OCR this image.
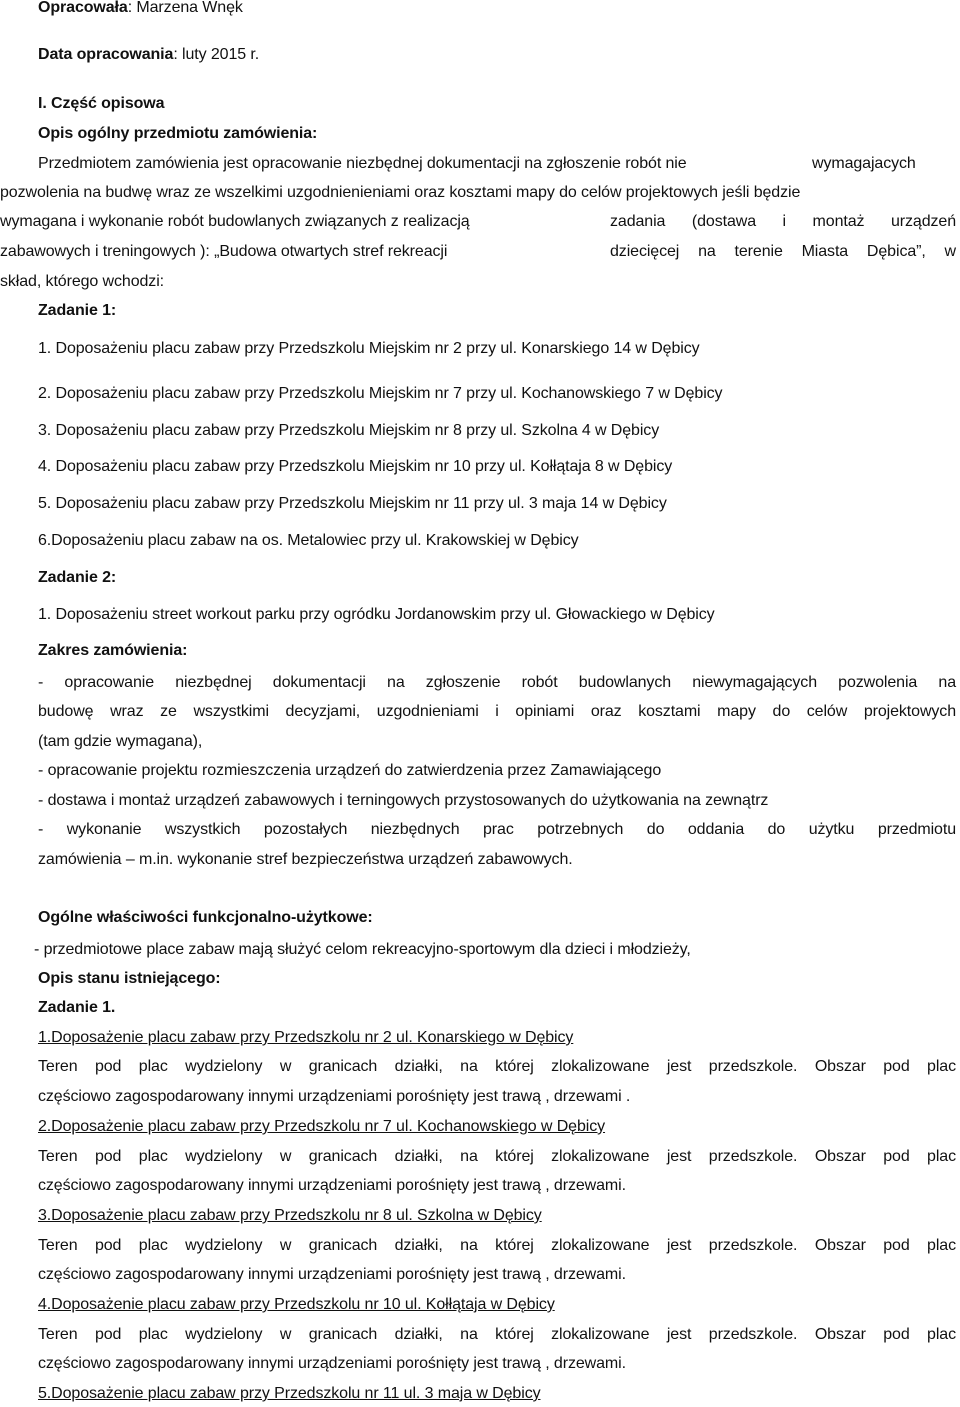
Opracowała: Marzena Wnęk
Data opracowania: luty 2015 r.
I. Część opisowa
Opis ogólny przedmiotu zamówienia:
Przedmiotem zamówienia jest opracowanie niezbędnej dokumentacji na zgłoszenie robót nie	wymagajacych
pozwolenia na budwę wraz ze wszelkimi uzgodnienieniami oraz kosztami mapy do celów projektowych jeśli będzie
wymagana i wykonanie robót budowlanych związanych z realizacją	zadania (dostawa i montaż urządzeń
zabawowych i treningowych ): „Budowa otwartych stref rekreacji	dziecięcej na terenie Miasta Dębica”, w
skład, którego wchodzi:
Zadanie 1:
1. Doposażeniu placu zabaw przy Przedszkolu Miejskim nr 2 przy ul. Konarskiego 14 w Dębicy
2. Doposażeniu placu zabaw przy Przedszkolu Miejskim nr 7 przy ul. Kochanowskiego 7 w Dębicy
3. Doposażeniu placu zabaw przy Przedszkolu Miejskim nr 8 przy ul. Szkolna 4 w Dębicy
4. Doposażeniu placu zabaw przy Przedszkolu Miejskim nr 10 przy ul. Kołłątaja 8 w Dębicy
5. Doposażeniu placu zabaw przy Przedszkolu Miejskim nr 11 przy ul. 3 maja 14 w Dębicy
6.Doposażeniu placu zabaw na os. Metalowiec przy ul. Krakowskiej w Dębicy
Zadanie 2:
1. Doposażeniu street workout parku przy ogródku Jordanowskim przy ul. Głowackiego w Dębicy
Zakres zamówienia:
- opracowanie niezbędnej dokumentacji na zgłoszenie robót budowlanych niewymagających pozwolenia na
budowę wraz ze wszystkimi decyzjami, uzgodnieniami i opiniami oraz kosztami mapy do celów projektowych
(tam gdzie wymagana),
- opracowanie projektu rozmieszczenia urządzeń do zatwierdzenia przez Zamawiającego
- dostawa i montaż urządzeń zabawowych i terningowych przystosowanych do użytkowania na zewnątrz
- wykonanie wszystkich pozostałych niezbędnych prac potrzebnych do oddania do użytku przedmiotu
zamówienia – m.in. wykonanie stref bezpieczeństwa urządzeń zabawowych.
Ogólne właściwości funkcjonalno-użytkowe:
- przedmiotowe place zabaw mają służyć celom rekreacyjno-sportowym dla dzieci i młodzieży,
Opis stanu istniejącego:
Zadanie 1.
1.Doposażenie placu zabaw przy Przedszkolu nr 2 ul. Konarskiego w Dębicy
Teren pod plac wydzielony w granicach działki, na której zlokalizowane jest przedszkole. Obszar pod plac
częściowo zagospodarowany innymi urządzeniami porośnięty jest trawą , drzewami .
2.Doposażenie placu zabaw przy Przedszkolu nr 7 ul. Kochanowskiego w Dębicy
Teren pod plac wydzielony w granicach działki, na której zlokalizowane jest przedszkole. Obszar pod plac
częściowo zagospodarowany innymi urządzeniami porośnięty jest trawą , drzewami.
3.Doposażenie placu zabaw przy Przedszkolu nr 8 ul. Szkolna w Dębicy
Teren pod plac wydzielony w granicach działki, na której zlokalizowane jest przedszkole. Obszar pod plac
częściowo zagospodarowany innymi urządzeniami porośnięty jest trawą , drzewami.
4.Doposażenie placu zabaw przy Przedszkolu nr 10 ul. Kołłątaja w Dębicy
Teren pod plac wydzielony w granicach działki, na której zlokalizowane jest przedszkole. Obszar pod plac
częściowo zagospodarowany innymi urządzeniami porośnięty jest trawą , drzewami.
5.Doposażenie placu zabaw przy Przedszkolu nr 11 ul. 3 maja w Dębicy
